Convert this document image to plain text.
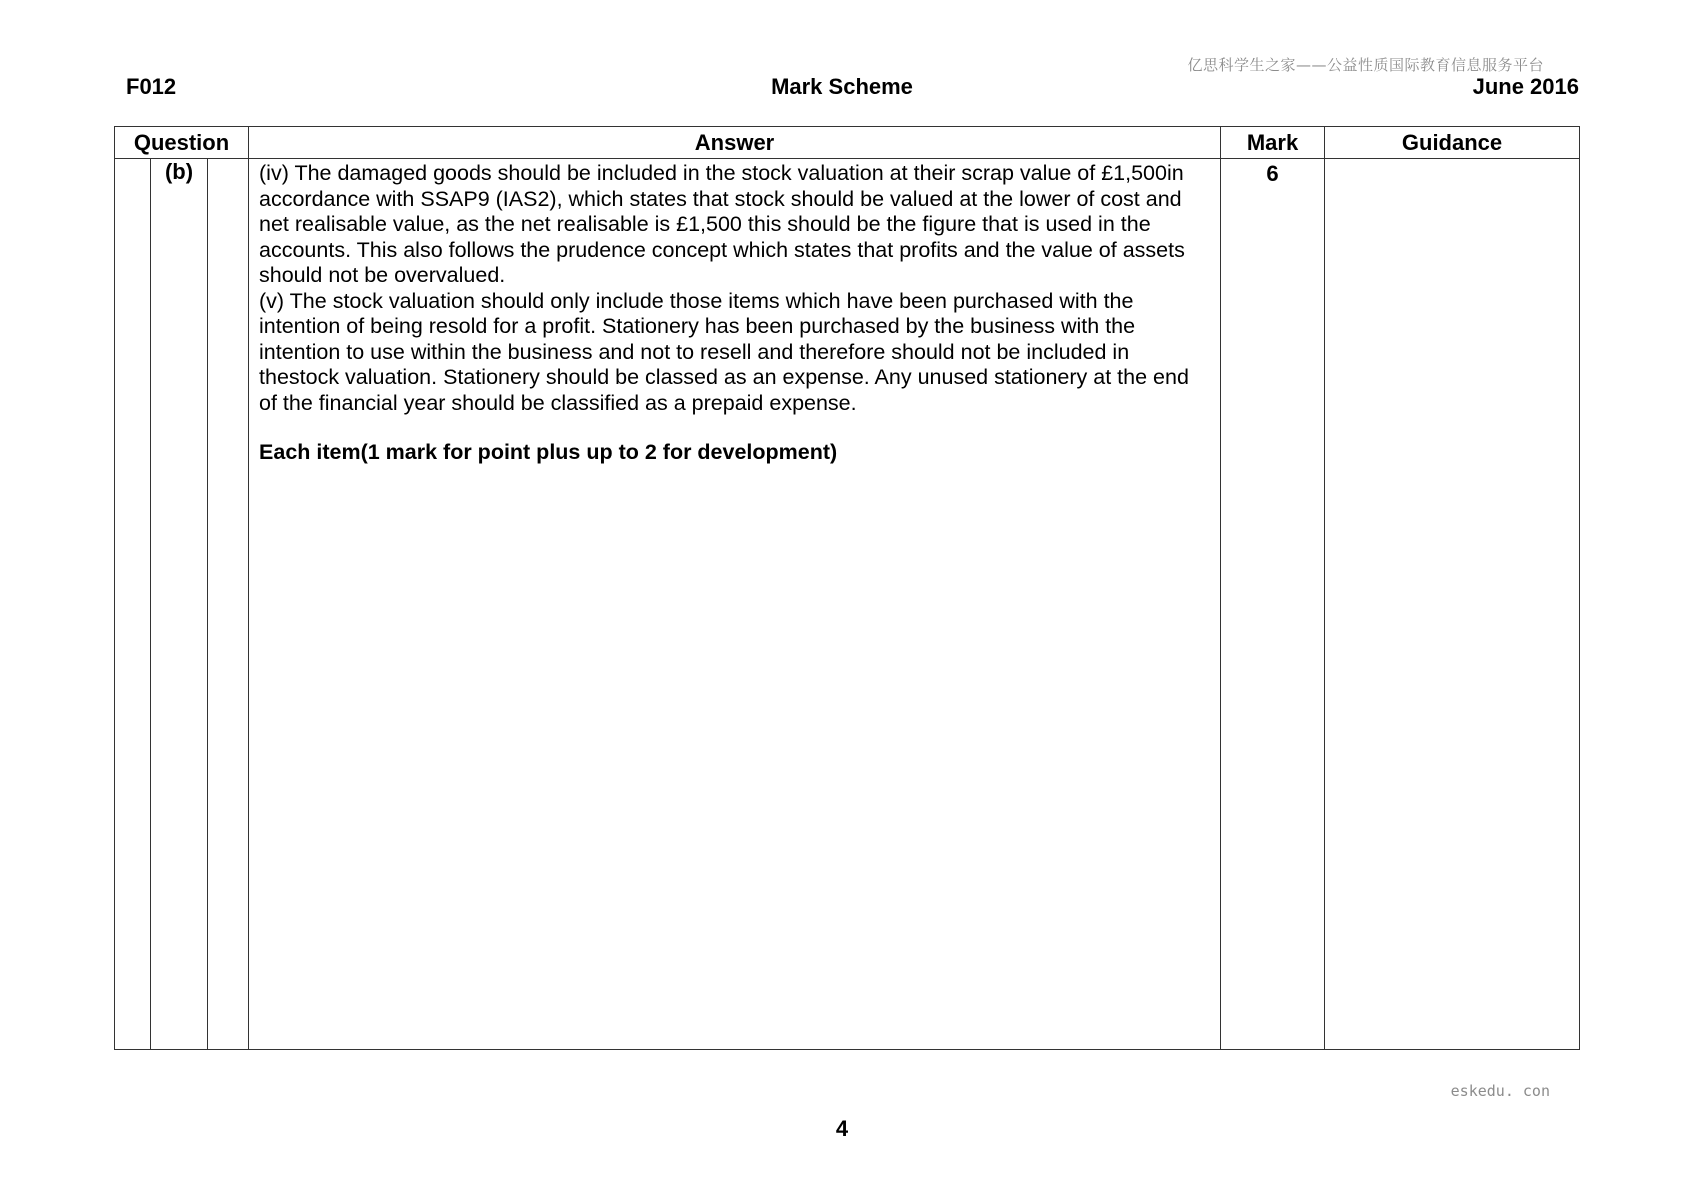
亿思科学生之家——公益性质国际教育信息服务平台
F012	Mark Scheme	June 2016
Question			Answer	Mark	Guidance
	(b)		(iv) The damaged goods should be included in the stock valuation at their scrap value of £1,500in accordance with SSAP9 (IAS2), which states that stock should be valued at the lower of cost and net realisable value, as the net realisable is £1,500 this should be the figure that is used in the accounts. This also follows the prudence concept which states that profits and the value of assets should not be overvalued.

(v) The stock valuation should only include those items which have been purchased with the intention of being resold for a profit. Stationery has been purchased by the business with the intention to use within the business and not to resell and therefore should not be included in thestock valuation. Stationery should be classed as an expense. Any unused stationery at the end of the financial year should be classified as a prepaid expense.

Each item(1 mark for point plus up to 2 for development)	6	
eskedu. con
4
